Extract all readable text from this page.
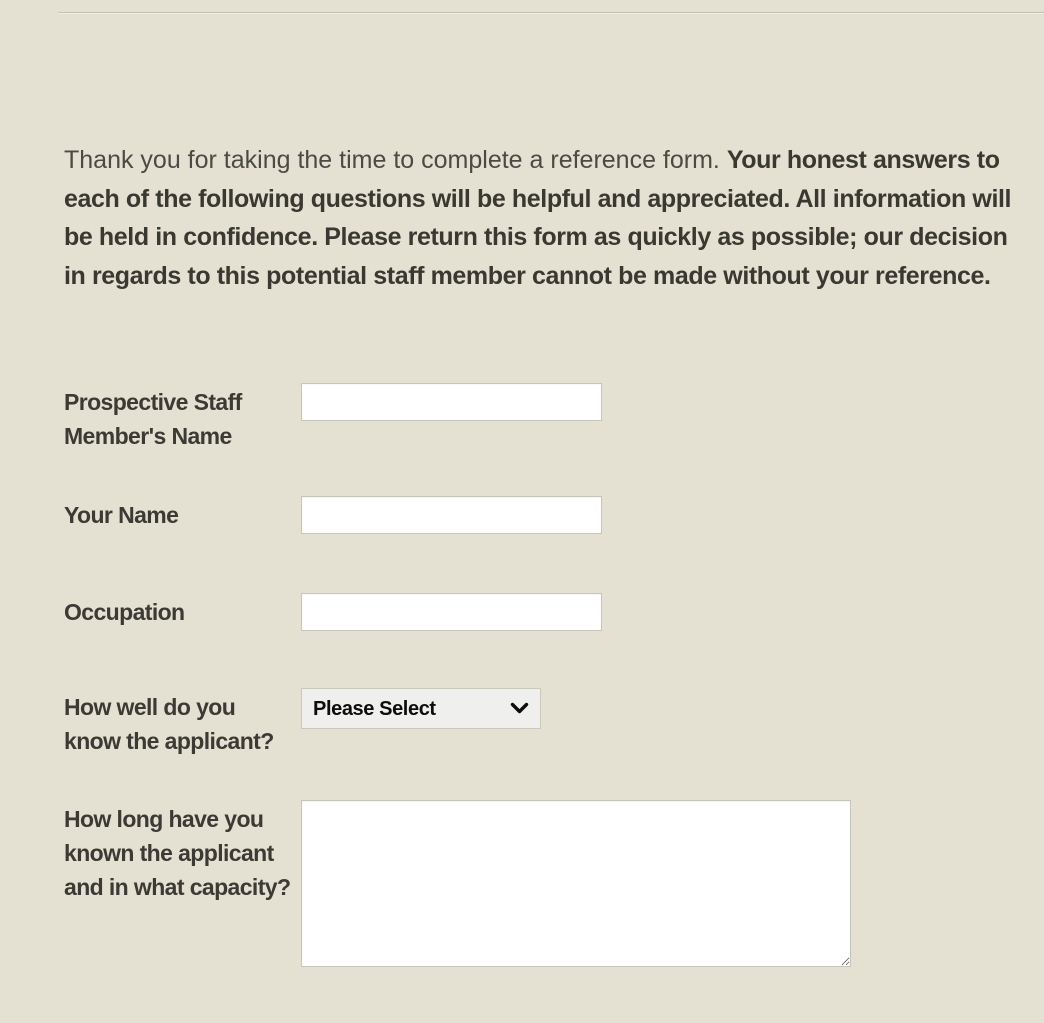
Thank you for taking the time to complete a reference form. Your honest answers to each of the following questions will be helpful and appreciated. All information will be held in confidence. Please return this form as quickly as possible; our decision in regards to this potential staff member cannot be made without your reference.

Prospective Staff Member's Name
Your Name
Occupation
How well do you know the applicant?
Please Select
How long have you known the applicant and in what capacity?
